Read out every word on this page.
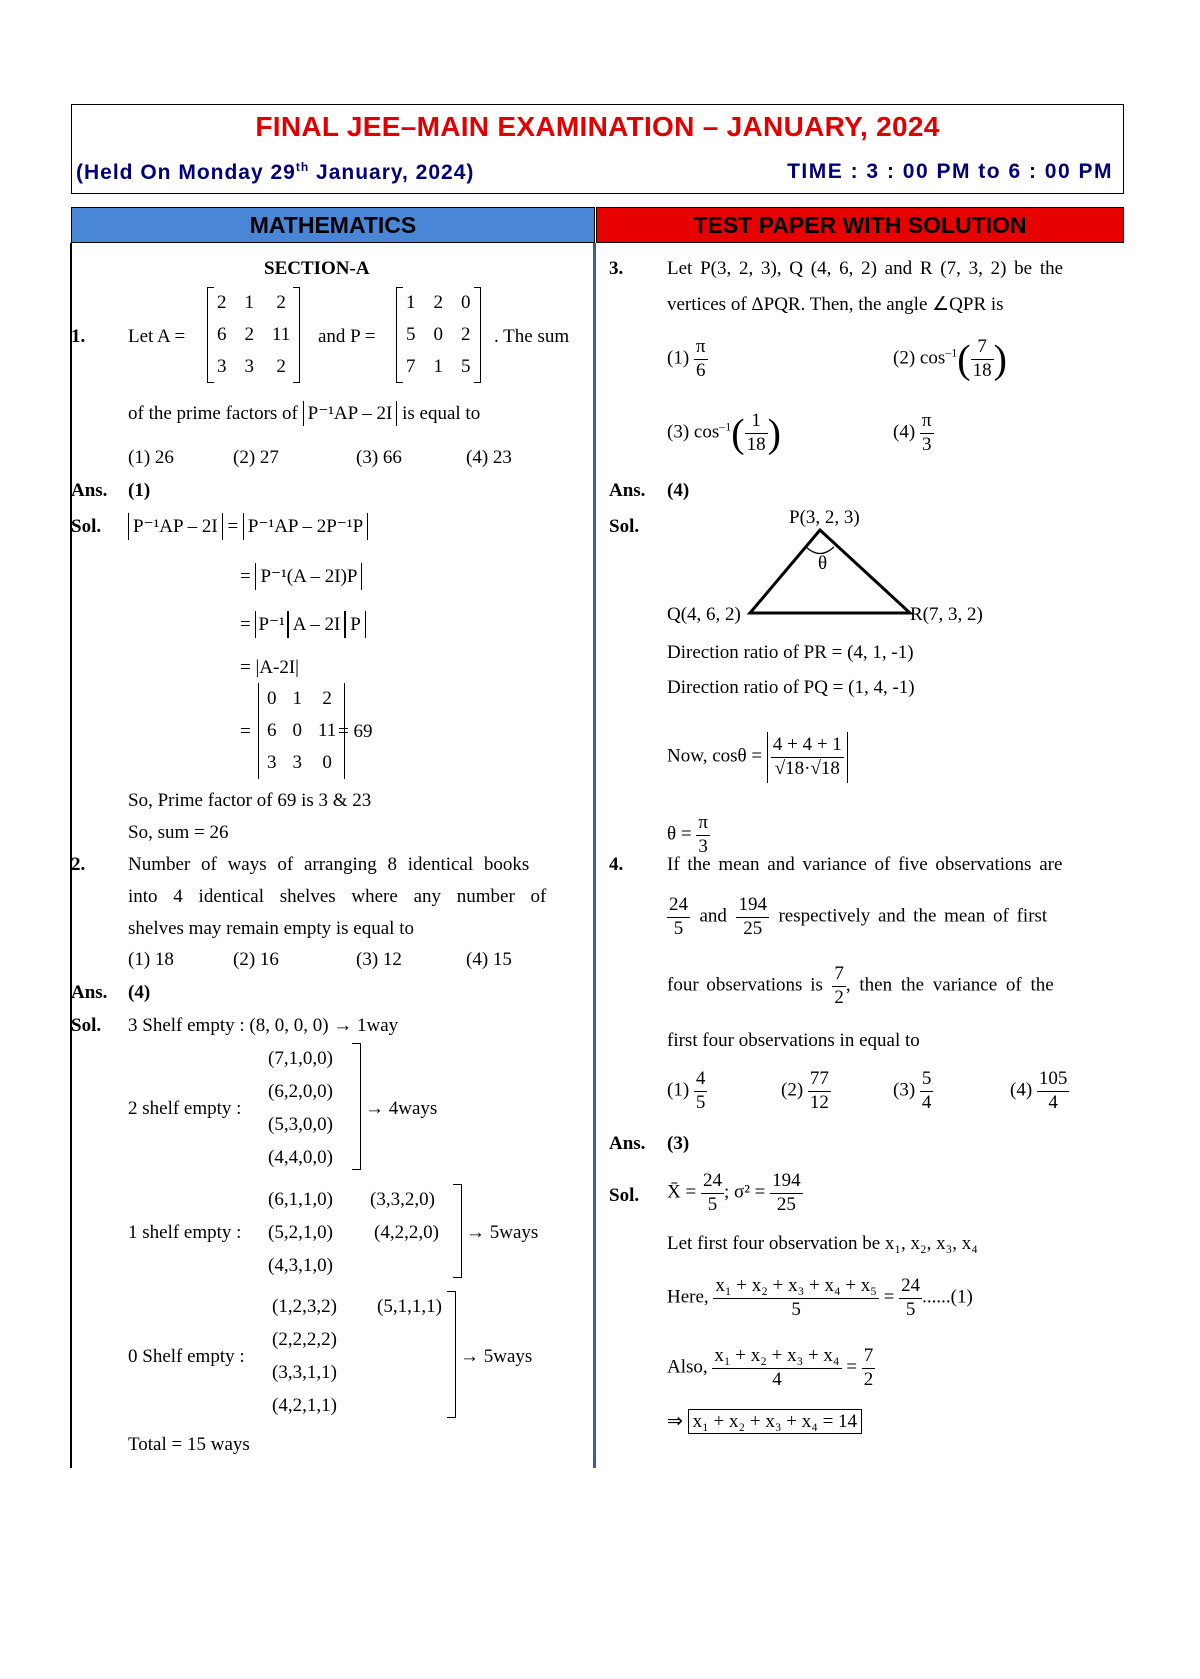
FINAL JEE–MAIN EXAMINATION – JANUARY, 2024
(Held On Monday 29th January, 2024)	TIME : 3 : 00 PM to 6 : 00 PM
MATHEMATICS	TEST PAPER WITH SOLUTION
SECTION-A
1. Let A =
2	1	2
6	2	11
3	3	2
and P =
1	2	0
5	0	2
7	1	5
. The sum
of the prime factors of P⁻¹AP – 2I is equal to
(1) 26	(2) 27	(3) 66	(4) 23
Ans. (1)
Sol. P⁻¹AP – 2I = P⁻¹AP – 2P⁻¹P
= P⁻¹(A – 2I)P
= P⁻¹ A – 2I P
= |A-2I|
=
0	1	2
6	0	11
3	3	0
= 69
So, Prime factor of 69 is 3 & 23
So, sum = 26
2. Number of ways of arranging 8 identical books
into 4 identical shelves where any number of
shelves may remain empty is equal to
(1) 18	(2) 16	(3) 12	(4) 15
Ans. (4)
Sol. 3 Shelf empty : (8, 0, 0, 0) → 1way
2 shelf empty :
(7,1,0,0)
(6,2,0,0)
(5,3,0,0)
(4,4,0,0)
→ 4ways
1 shelf empty :
(6,1,1,0)
(5,2,1,0)
(4,3,1,0)
(3,3,2,0)
(4,2,2,0) → 5ways
0 Shelf empty :
(1,2,3,2)
(2,2,2,2)
(3,3,1,1)
(4,2,1,1)
(5,1,1,1)
→ 5ways
Total = 15 ways
3. Let P(3, 2, 3), Q (4, 6, 2) and R (7, 3, 2) be the
vertices of ΔPQR. Then, the angle ∠QPR is
$(1) \frac{\pi}{6}$	(2) $\cos^{-1}( \frac{7}{18}$ )
(3) $\cos^{-1}( \frac{1}{18}$ )	$(4) \frac{\pi}{3}$
Ans. (4)
Sol.	P(3, 2, 3)
θ
Q(4, 6, 2)	R(7, 3, 2)
Direction ratio of PR = (4, 1, -1)
Direction ratio of PQ = (1, 4, -1)
Now, $\cos\theta = \frac{4 + 4 + 1}{√18\cdot√18}$
$\theta = \frac{\pi}{3}$
4. If the mean and variance of five observations are
$\frac{24}{5}$ and $\frac{194}{25}$ respectively and the mean of first
four observations is $\frac{7}{2}$ , then the variance of the
first four observations in equal to
$(1) \frac{4}{5}$	$(2) \frac{77}{12}$	$(3) \frac{5}{4}$	$(4) \frac{105}{4}$
Ans. (3)
Sol. X̄ = $\frac{24}{5}$ ; $\sigma^2 = \frac{194}{25}$
Let first four observation be x₁, x₂, x₃, x₄
Here, $\frac{\text{x₁ + x₂ + x₃ + x₄ + x₅}}{5} = \frac{24}{5} ......(1)$
Also, $\frac{\text{x₁ + x₂ + x₃ + x₄}}{4} = \frac{7}{2}$
⇒ x₁ + x₂ + x₃ + x₄ = 14
